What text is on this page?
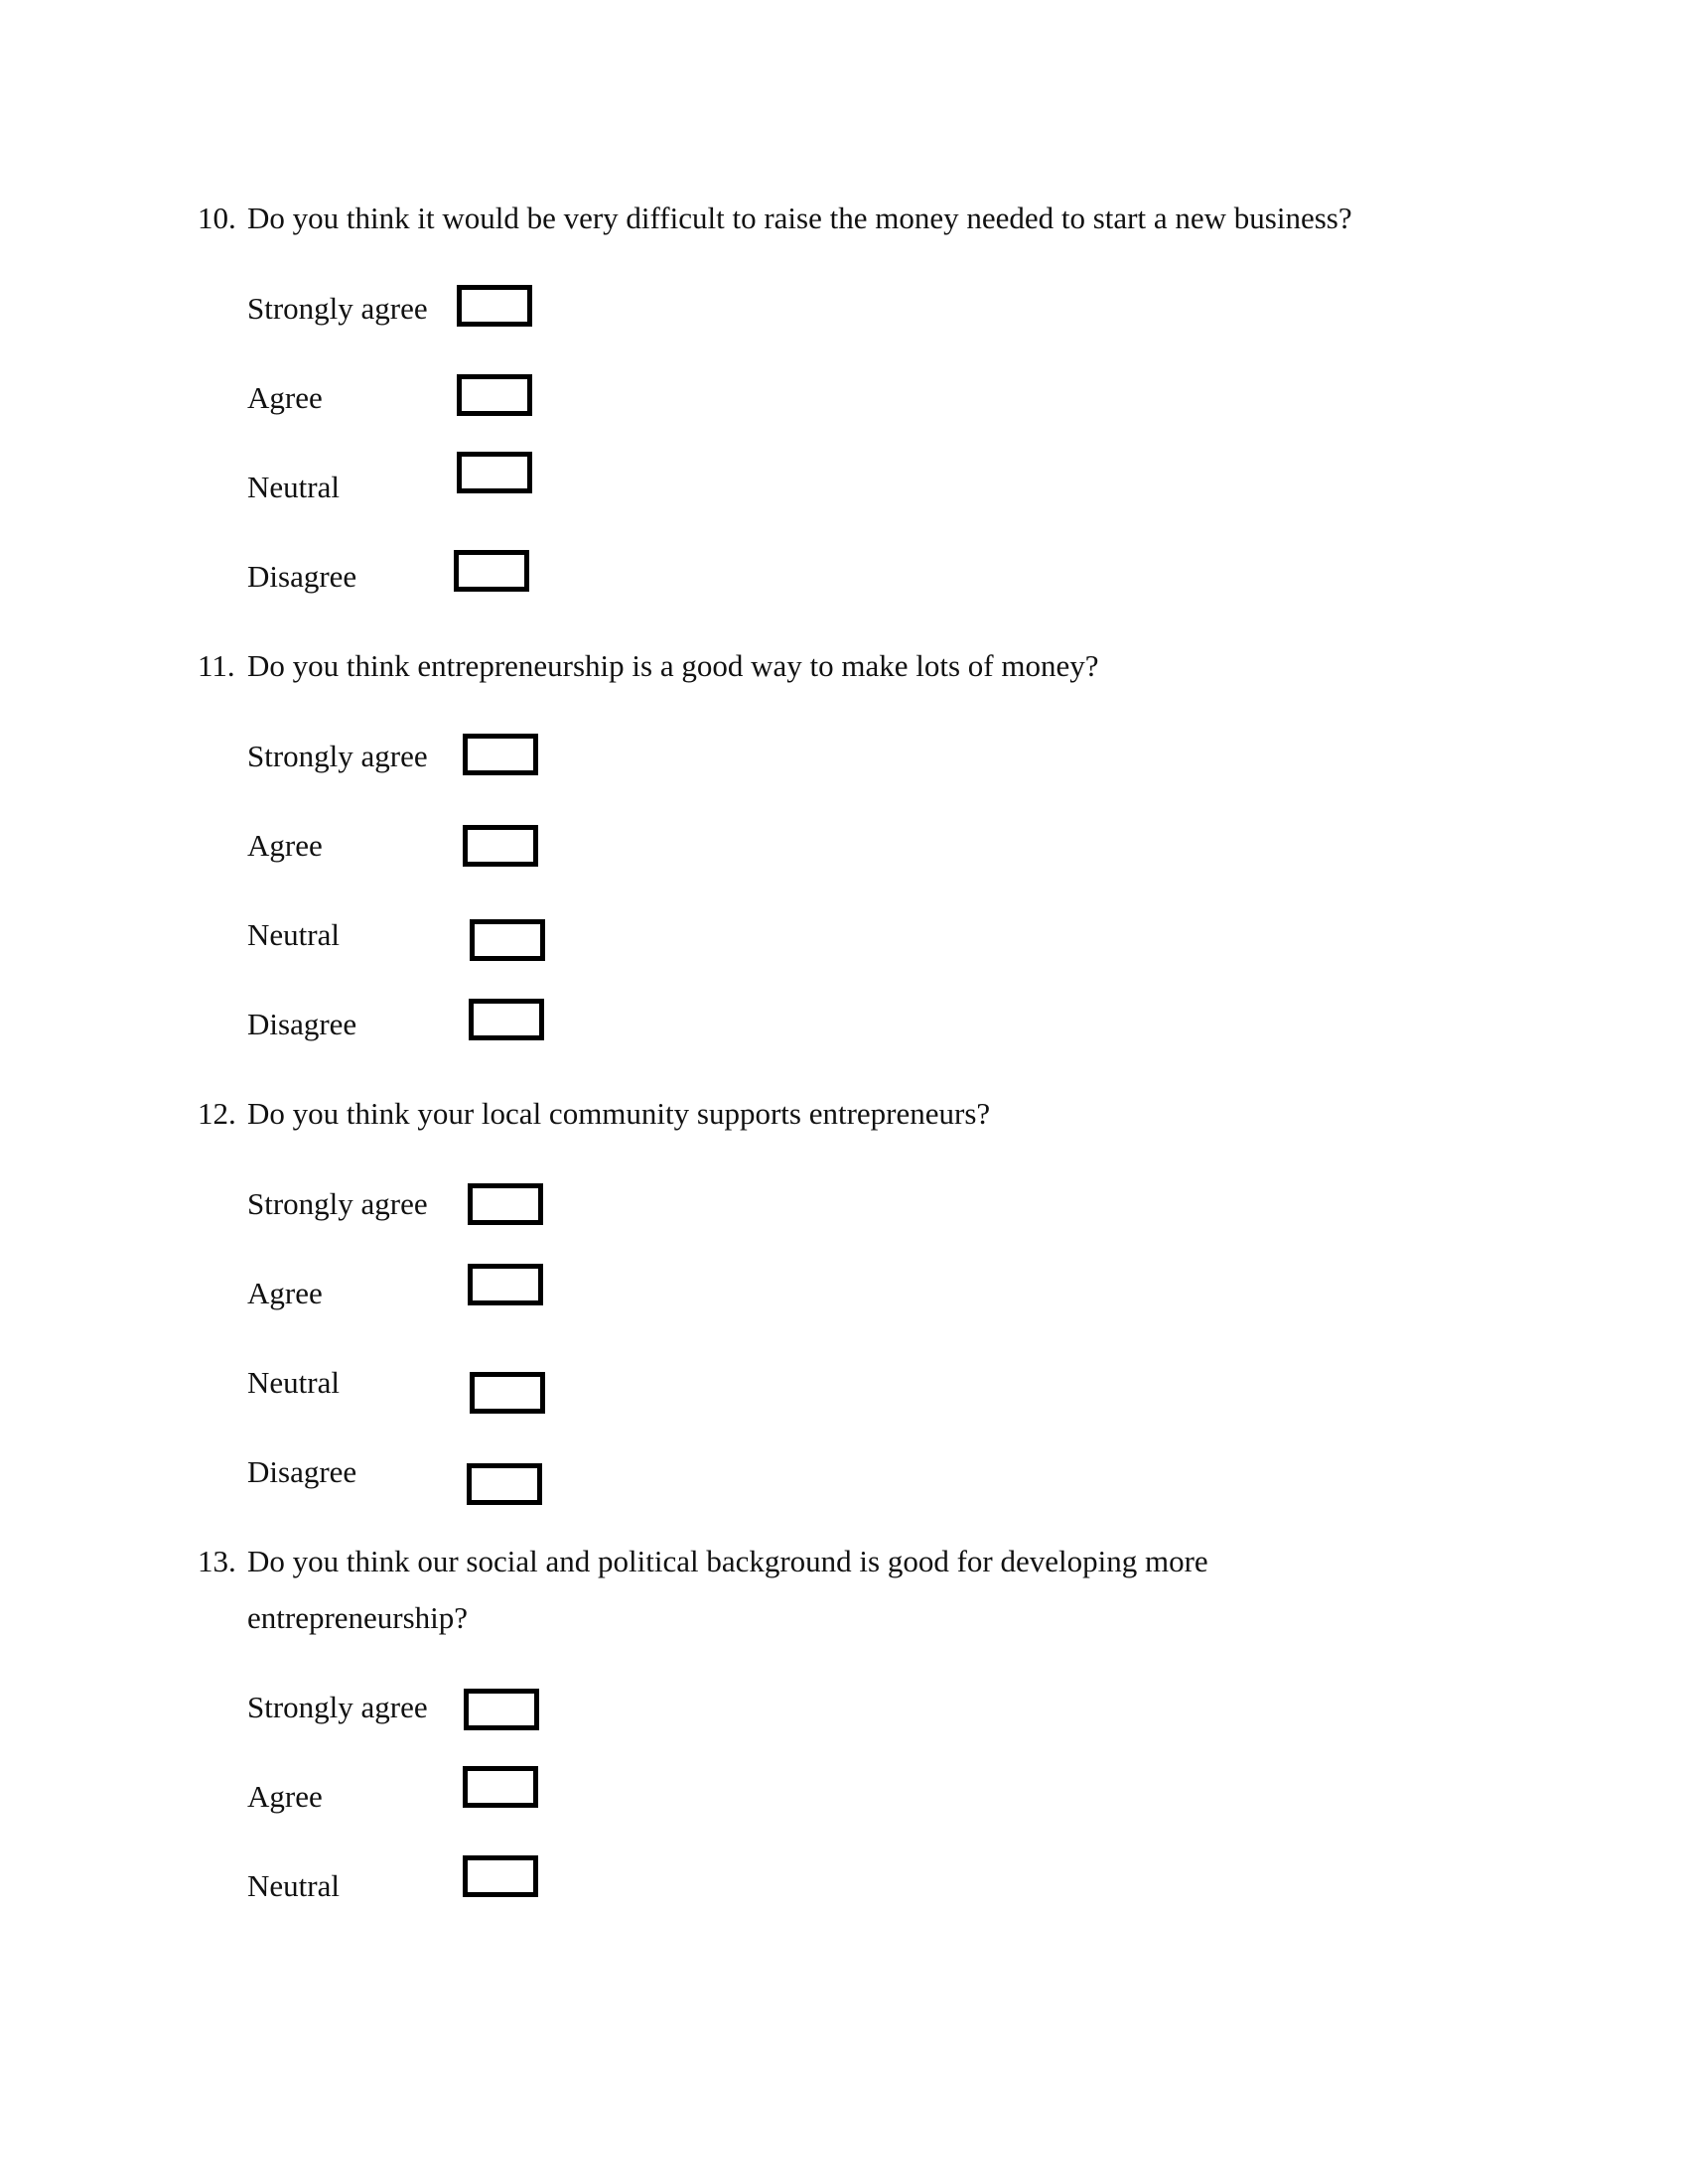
10. Do you think it would be very difficult to raise the money needed to start a new business?
Strongly agree
Agree
Neutral
Disagree
11. Do you think entrepreneurship is a good way to make lots of money?
Strongly agree
Agree
Neutral
Disagree
12. Do you think your local community supports entrepreneurs?
Strongly agree
Agree
Neutral
Disagree
13. Do you think our social and political background is good for developing more
entrepreneurship?
Strongly agree
Agree
Neutral
